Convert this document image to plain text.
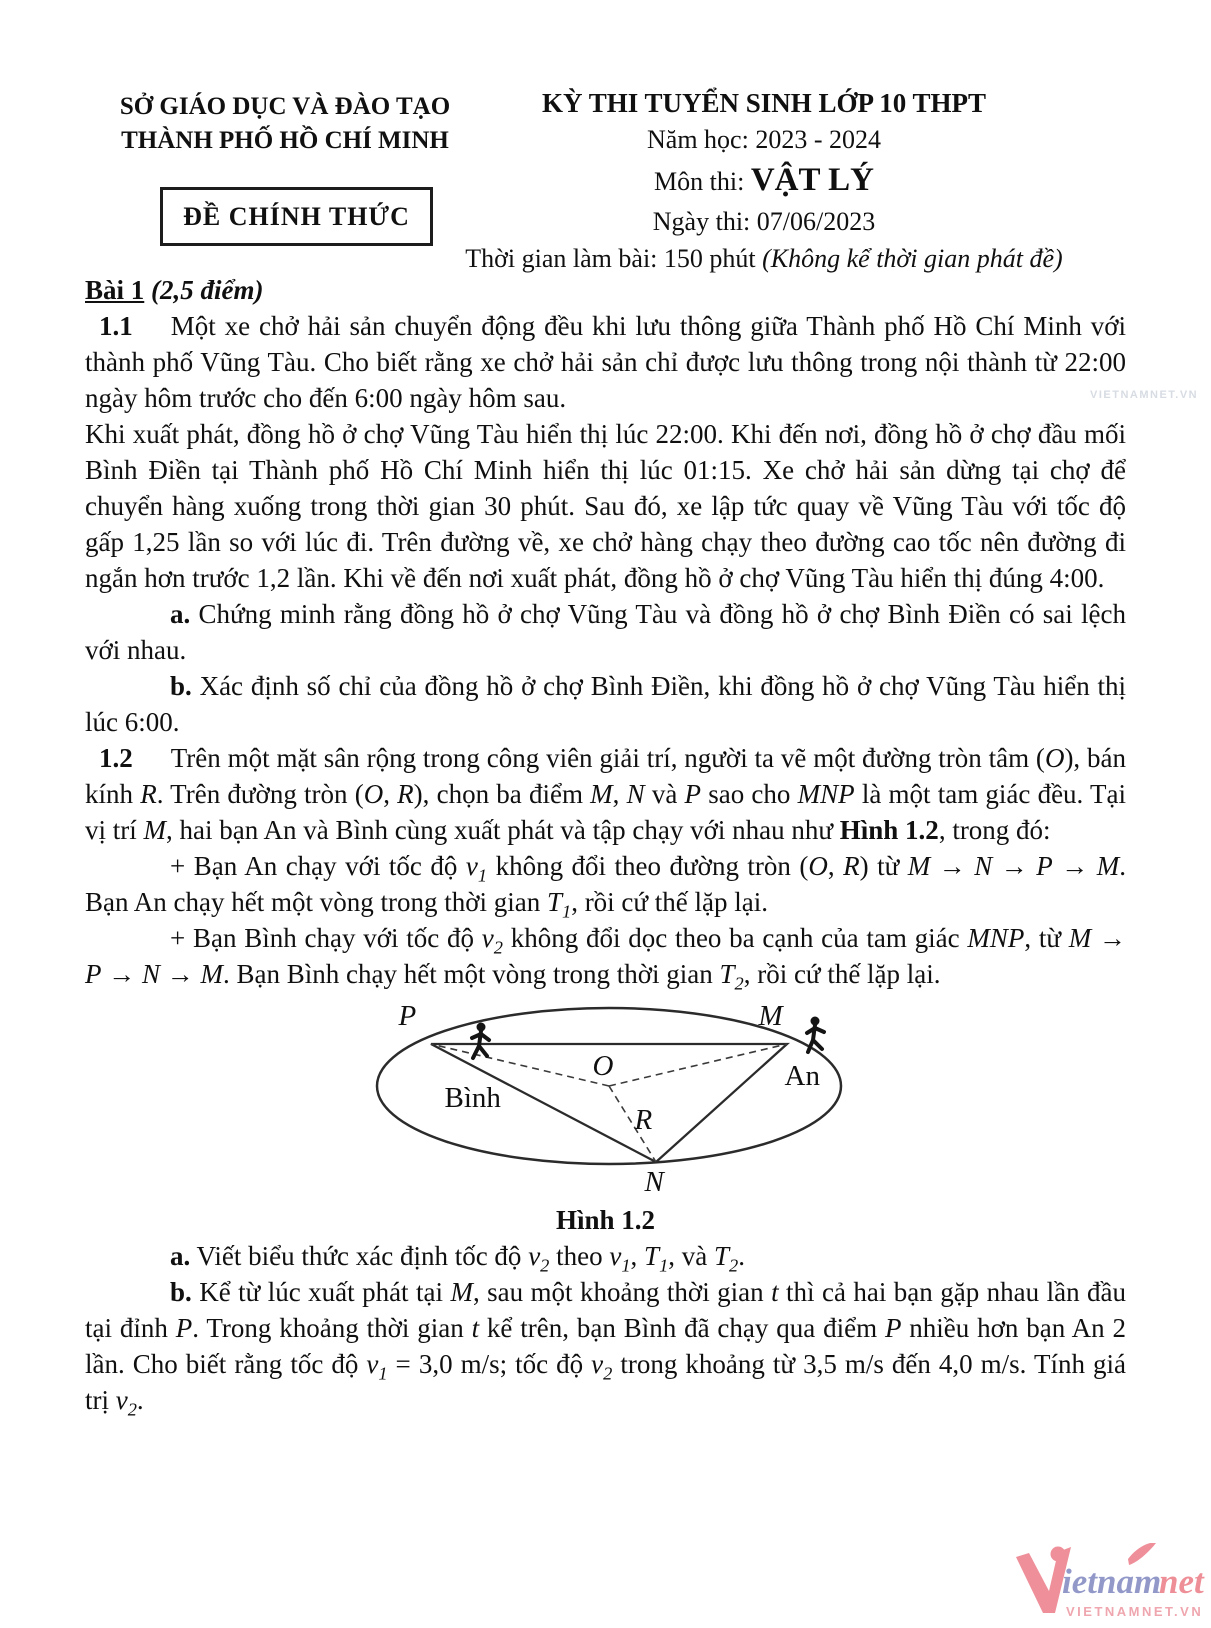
SỞ GIÁO DỤC VÀ ĐÀO TẠO
THÀNH PHỐ HỒ CHÍ MINH
ĐỀ CHÍNH THỨC
KỲ THI TUYỂN SINH LỚP 10 THPT
Năm học: 2023 - 2024
Môn thi: VẬT LÝ
Ngày thi: 07/06/2023
Thời gian làm bài: 150 phút (Không kể thời gian phát đề)
VIETNAMNET.VN

Bài 1 (2,5 điểm)

1.1 Một xe chở hải sản chuyển động đều khi lưu thông giữa Thành phố Hồ Chí Minh với thành phố Vũng Tàu. Cho biết rằng xe chở hải sản chỉ được lưu thông trong nội thành từ 22:00 ngày hôm trước cho đến 6:00 ngày hôm sau.

Khi xuất phát, đồng hồ ở chợ Vũng Tàu hiển thị lúc 22:00. Khi đến nơi, đồng hồ ở chợ đầu mối Bình Điền tại Thành phố Hồ Chí Minh hiển thị lúc 01:15. Xe chở hải sản dừng tại chợ để chuyển hàng xuống trong thời gian 30 phút. Sau đó, xe lập tức quay về Vũng Tàu với tốc độ gấp 1,25 lần so với lúc đi. Trên đường về, xe chở hàng chạy theo đường cao tốc nên đường đi ngắn hơn trước 1,2 lần. Khi về đến nơi xuất phát, đồng hồ ở chợ Vũng Tàu hiển thị đúng 4:00.

a. Chứng minh rằng đồng hồ ở chợ Vũng Tàu và đồng hồ ở chợ Bình Điền có sai lệch với nhau.

b. Xác định số chỉ của đồng hồ ở chợ Bình Điền, khi đồng hồ ở chợ Vũng Tàu hiển thị lúc 6:00.

1.2 Trên một mặt sân rộng trong công viên giải trí, người ta vẽ một đường tròn tâm (O), bán kính R. Trên đường tròn (O, R), chọn ba điểm M, N và P sao cho MNP là một tam giác đều. Tại vị trí M, hai bạn An và Bình cùng xuất phát và tập chạy với nhau như Hình 1.2, trong đó:

+ Bạn An chạy với tốc độ $v_1$ không đổi theo đường tròn (O, R) từ M → N → P → M. Bạn An chạy hết một vòng trong thời gian $T_1$, rồi cứ thế lặp lại.

+ Bạn Bình chạy với tốc độ $v_2$ không đổi dọc theo ba cạnh của tam giác MNP, từ M → P → N → M. Bạn Bình chạy hết một vòng trong thời gian $T_2$, rồi cứ thế lặp lại.

P	M
N
O
R
Bình
An

Hình 1.2

a. Viết biểu thức xác định tốc độ $v_2$ theo $v_1$, $T_1$, và $T_2$.

b. Kể từ lúc xuất phát tại M, sau một khoảng thời gian t thì cả hai bạn gặp nhau lần đầu tại đỉnh P. Trong khoảng thời gian t kể trên, bạn Bình đã chạy qua điểm P nhiều hơn bạn An 2 lần. Cho biết rằng tốc độ $v_1 = 3,0$ m/s; tốc độ $v_2$ trong khoảng từ 3,5 m/s đến 4,0 m/s. Tính giá trị $v_2$.

ietnam
net
VIETNAMNET.VN
